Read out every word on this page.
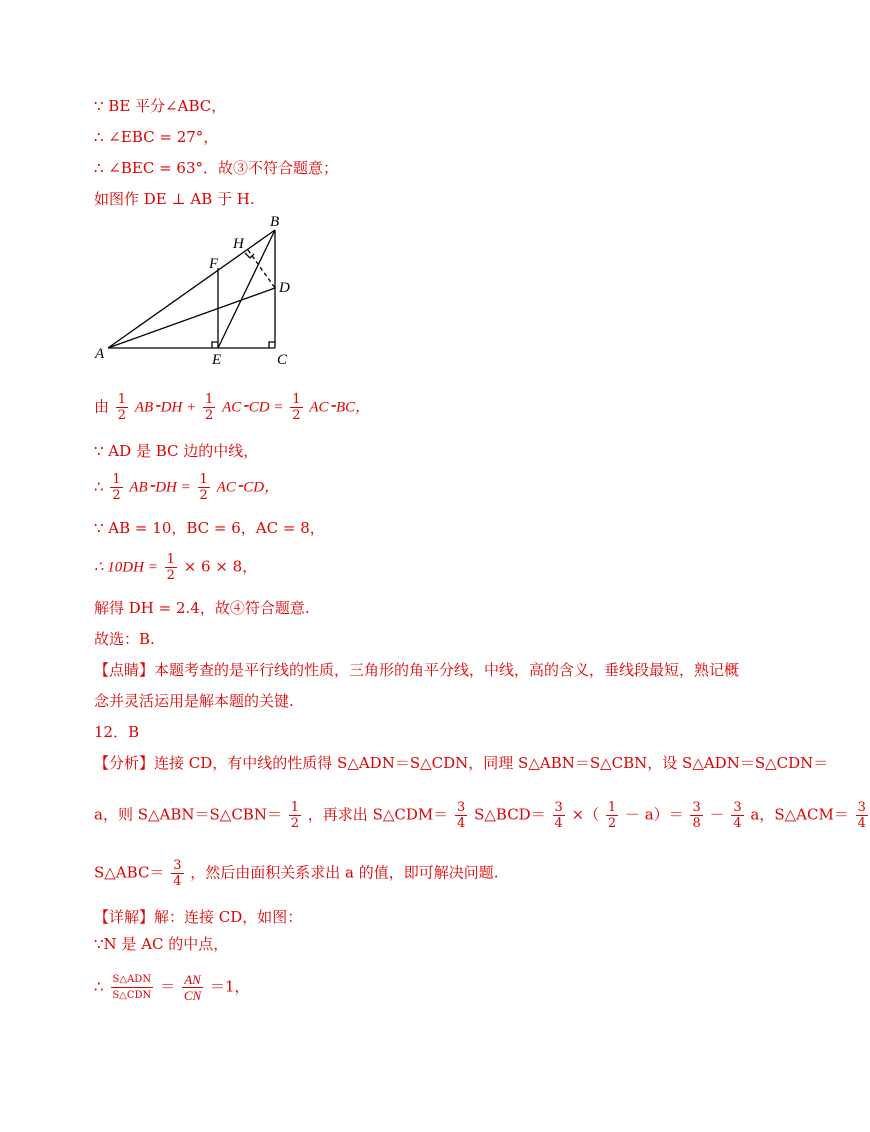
∵ BE 平分∠ABC，
∴ ∠EBC = 27°，
∴ ∠BEC = 63°．故③不符合题意；
如图作 DE ⊥ AB 于 H.
B
H
F
D
A	E	C
由 $\frac{1}{2}$ AB⁃DH + $\frac{1}{2}$ AC⁃CD = $\frac{1}{2}$ AC⁃BC，
∵ AD 是 BC 边的中线，
∴ $\frac{1}{2}$ AB⁃DH = $\frac{1}{2}$ AC⁃CD，
∵ AB = 10，BC = 6，AC = 8，
∴ $10DH = \frac{1}{2} \times 6 \times 8$，
解得 DH = 2.4，故④符合题意.
故选：B.
【点睛】本题考查的是平行线的性质，三角形的角平分线，中线，高的含义，垂线段最短，熟记概
念并灵活运用是解本题的关键.
12．B
【分析】连接 CD，有中线的性质得 S△ADN＝S△CDN，同理 S△ABN＝S△CBN，设 S△ADN＝S△CDN＝
a，则 S△ABN＝S△CBN＝ $\frac{1}{2}$ ，再求出 S△CDM＝ $\frac{3}{4}$ S△BCD＝ $\frac{3}{4}$ ×（ $\frac{1}{2} - a)= \frac{3}{8} - \frac{3}{4}$ a，S△ACM＝ $\frac{3}{4}$
S△ABC＝ $\frac{3}{4}$ ，然后由面积关系求出 a 的值，即可解决问题.
【详解】解：连接 CD，如图：
∵N 是 AC 的中点，
∴ $\frac{\text{S△ADN}}{\text{S△CDN}} = \frac{AN}{CN} =1$，
